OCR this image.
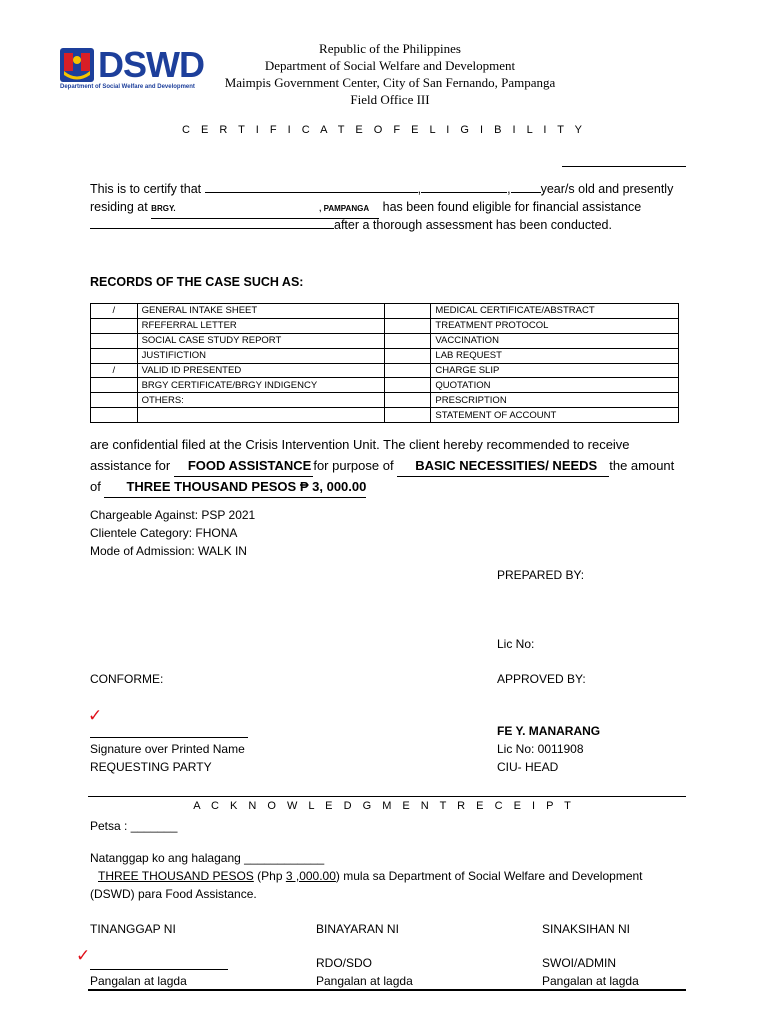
DSWD
Department of Social Welfare and Development
Republic of the Philippines
Department of Social Welfare and Development
Maimpis Government Center, City of San Fernando, Pampanga
Field Office III
C E R T I F I C A T E O F E L I G I B I L I T Y
This is to certify that	,	, year/s old and presently
residing at BRGY.	, PAMPANGA has been found eligible for financial assistance
after a thorough assessment has been conducted.
RECORDS OF THE CASE SUCH AS:
/	GENERAL INTAKE SHEET		MEDICAL CERTIFICATE/ABSTRACT
	RFEFERRAL LETTER		TREATMENT PROTOCOL
	SOCIAL CASE STUDY REPORT		VACCINATION
	JUSTIFICTION		LAB REQUEST
/	VALID ID PRESENTED		CHARGE SLIP
	BRGY CERTIFICATE/BRGY INDIGENCY		QUOTATION
	OTHERS:		PRESCRIPTION
			STATEMENT OF ACCOUNT
are confidential filed at the Crisis Intervention Unit. The client hereby recommended to receive
assistance for FOOD ASSISTANCE for purpose of BASIC NECESSITIES/ NEEDS the amount
of THREE THOUSAND PESOS ₱ 3, 000.00
Chargeable Against: PSP 2021
Clientele Category: FHONA
Mode of Admission: WALK IN
PREPARED BY:
Lic No:
CONFORME:	APPROVED BY:
✓
Signature over Printed Name
REQUESTING PARTY
FE Y. MANARANG
Lic No: 0011908
CIU- HEAD
A C K N O W L E D G M E N T R E C E I P T
Petsa : _______
Natanggap ko ang halagang ____________
THREE THOUSAND PESOS (Php 3 ,000.00) mula sa Department of Social Welfare and Development
(DSWD) para Food Assistance.
TINANGGAP NI	BINAYARAN NI	SINAKSIHAN NI
✓	RDO/SDO	SWOI/ADMIN
Pangalan at lagda	Pangalan at lagda	Pangalan at lagda
